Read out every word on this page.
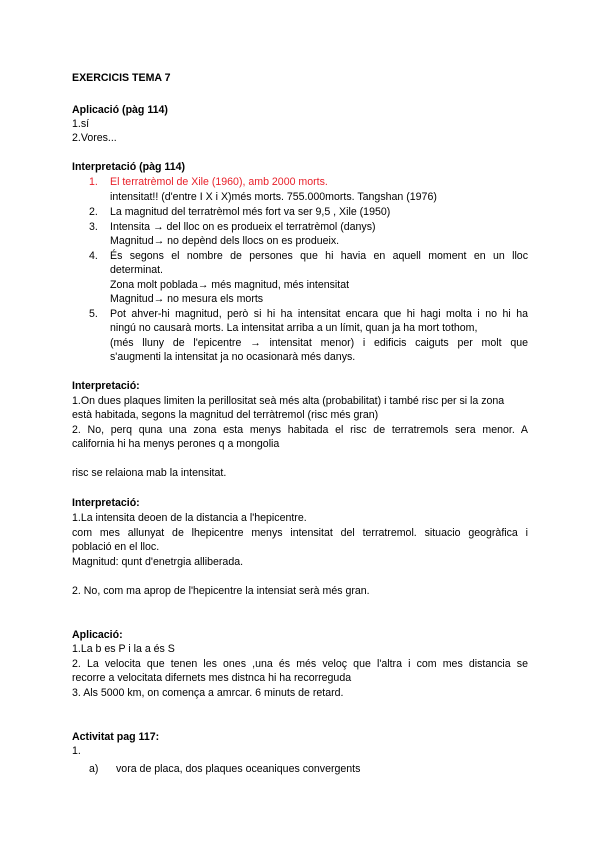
EXERCICIS TEMA 7
Aplicació (pàg 114)
1.sí
2.Vores...
Interpretació (pàg 114)
1. El terratrèmol de Xile (1960), amb 2000 morts.
intensitat!! (d'entre I X i X)més morts. 755.000morts. Tangshan (1976)
2. La magnitud del terratrèmol més fort va ser 9,5 , Xile (1950)
3. Intensita → del lloc on es produeix el terratrèmol (danys)
Magnitud→ no depènd dels llocs on es produeix.
4. És segons el nombre de persones que hi havia en aquell moment en un lloc
determinat.
Zona molt poblada→ més magnitud, més intensitat
Magnitud→ no mesura els morts
5. Pot ahver-hi magnitud, però si hi ha intensitat encara que hi hagi molta i no hi ha
ningú no causarà morts. La intensitat arriba a un límit, quan ja ha mort tothom,
(més lluny de l'epicentre → intensitat menor) i edificis caiguts per molt que
s'augmenti la intensitat ja no ocasionarà més danys.
Interpretació:
1.On dues plaques limiten la perillositat seà més alta (probabilitat) i també risc per si la zona
està habitada, segons la magnitud del terràtremol (risc més gran)
2. No, perq quna una zona esta menys habitada el risc de terratremols sera menor. A
california hi ha menys perones q a mongolia
risc se relaiona mab la intensitat.
Interpretació:
1.La intensita deoen de la distancia a l'hepicentre.
com mes allunyat de lhepicentre menys intensitat del terratremol. situacio geogràfica i
població en el lloc.
Magnitud: qunt d'enetrgia alliberada.
2. No, com ma aprop de l'hepicentre la intensiat serà més gran.
Aplicació:
1.La b es P i la a és S
2. La velocita que tenen les ones ,una és més veloç que l'altra i com mes distancia se
recorre a velocitata difernets mes distnca hi ha recorreguda
3. Als 5000 km, on comença a amrcar. 6 minuts de retard.
Activitat pag 117:
1.
a) vora de placa, dos plaques oceaniques convergents
